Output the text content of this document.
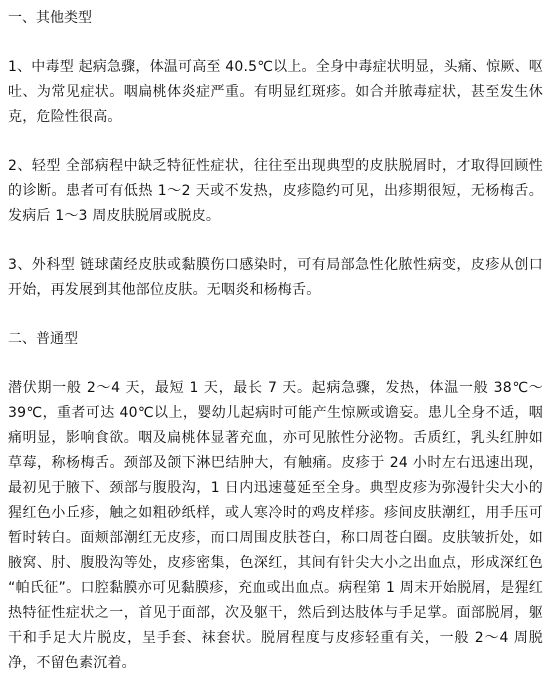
一、其他类型

1、中毒型 起病急骤，体温可高至 40.5℃以上。全身中毒症状明显，头痛、惊厥、呕吐、为常见症状。咽扁桃体炎症严重。有明显红斑疹。如合并脓毒症状，甚至发生休克，危险性很高。

2、轻型 全部病程中缺乏特征性症状，往往至出现典型的皮肤脱屑时，才取得回顾性的诊断。患者可有低热 1～2 天或不发热，皮疹隐约可见，出疹期很短，无杨梅舌。发病后 1～3 周皮肤脱屑或脱皮。

3、外科型 链球菌经皮肤或黏膜伤口感染时，可有局部急性化脓性病变，皮疹从创口开始，再发展到其他部位皮肤。无咽炎和杨梅舌。

二、普通型

潜伏期一般 2～4 天，最短 1 天，最长 7 天。起病急骤，发热，体温一般 38℃～39℃，重者可达 40℃以上，婴幼儿起病时可能产生惊厥或谵妄。患儿全身不适，咽痛明显，影响食欲。咽及扁桃体显著充血，亦可见脓性分泌物。舌质红，乳头红肿如草莓，称杨梅舌。颈部及颌下淋巴结肿大，有触痛。皮疹于 24 小时左右迅速出现，最初见于腋下、颈部与腹股沟，1 日内迅速蔓延至全身。典型皮疹为弥漫针尖大小的猩红色小丘疹，触之如粗砂纸样，或人寒冷时的鸡皮样疹。疹间皮肤潮红，用手压可暂时转白。面颊部潮红无皮疹，而口周围皮肤苍白，称口周苍白圈。皮肤皱折处，如腋窝、肘、腹股沟等处，皮疹密集，色深红，其间有针尖大小之出血点，形成深红色 “帕氏征”。口腔黏膜亦可见黏膜疹，充血或出血点。病程第 1 周末开始脱屑，是猩红热特征性症状之一，首见于面部，次及躯干，然后到达肢体与手足掌。面部脱屑，躯干和手足大片脱皮，呈手套、袜套状。脱屑程度与皮疹轻重有关，一般 2～4 周脱净，不留色素沉着。
